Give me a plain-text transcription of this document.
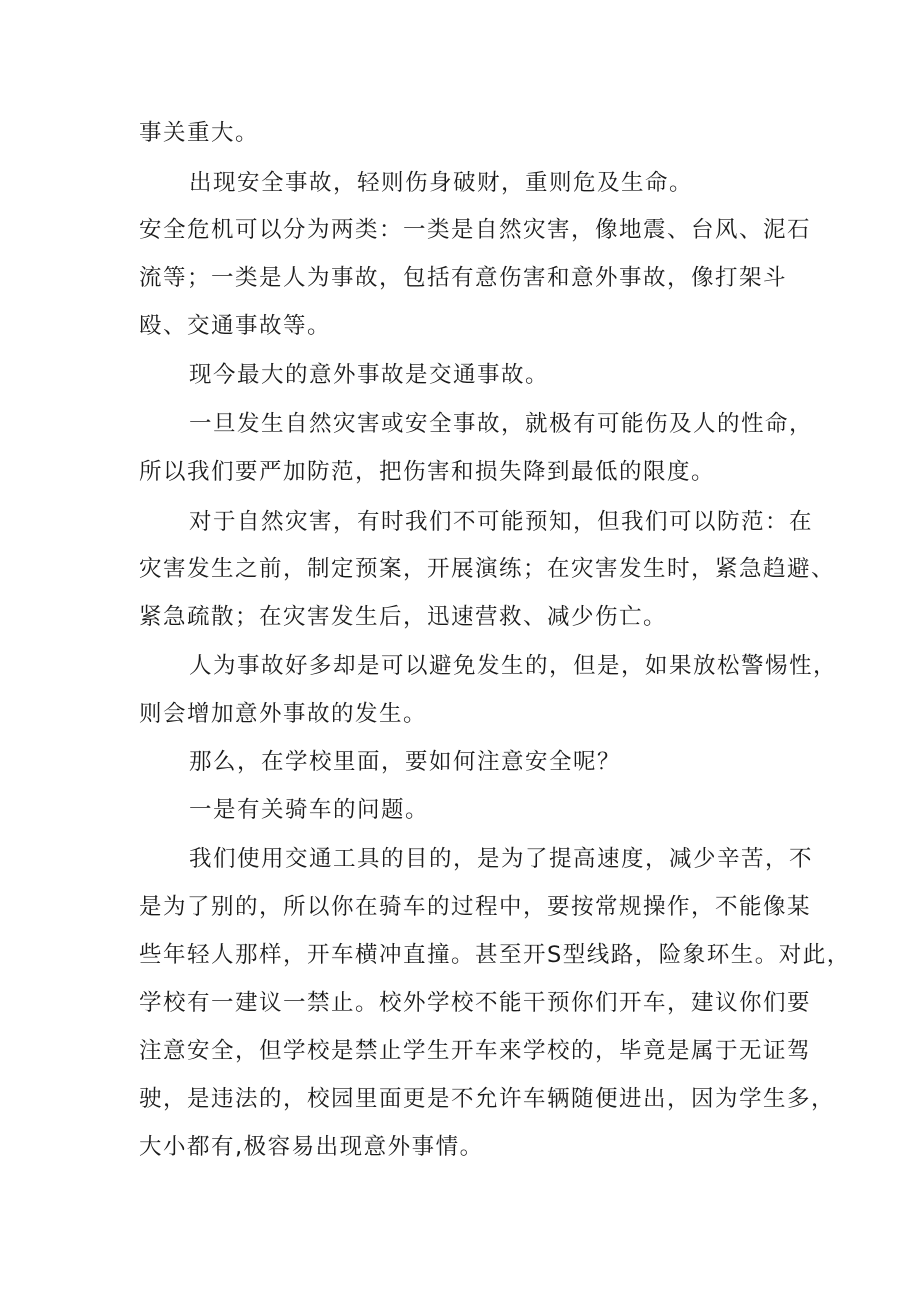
事关重大。
出现安全事故，轻则伤身破财，重则危及生命。
安全危机可以分为两类：一类是自然灾害，像地震、台风、泥石
流等；一类是人为事故，包括有意伤害和意外事故，像打架斗
殴、交通事故等。
现今最大的意外事故是交通事故。
一旦发生自然灾害或安全事故，就极有可能伤及人的性命，
所以我们要严加防范，把伤害和损失降到最低的限度。
对于自然灾害，有时我们不可能预知，但我们可以防范：在
灾害发生之前，制定预案，开展演练；在灾害发生时，紧急趋避、
紧急疏散；在灾害发生后，迅速营救、减少伤亡。
人为事故好多却是可以避免发生的，但是，如果放松警惕性，
则会增加意外事故的发生。
那么，在学校里面，要如何注意安全呢？
一是有关骑车的问题。
我们使用交通工具的目的，是为了提高速度，减少辛苦，不
是为了别的，所以你在骑车的过程中，要按常规操作，不能像某
些年轻人那样，开车横冲直撞。甚至开S型线路，险象环生。对此，
学校有一建议一禁止。校外学校不能干预你们开车，建议你们要
注意安全，但学校是禁止学生开车来学校的，毕竟是属于无证驾
驶，是违法的，校园里面更是不允许车辆随便进出，因为学生多，
大小都有,极容易出现意外事情。
